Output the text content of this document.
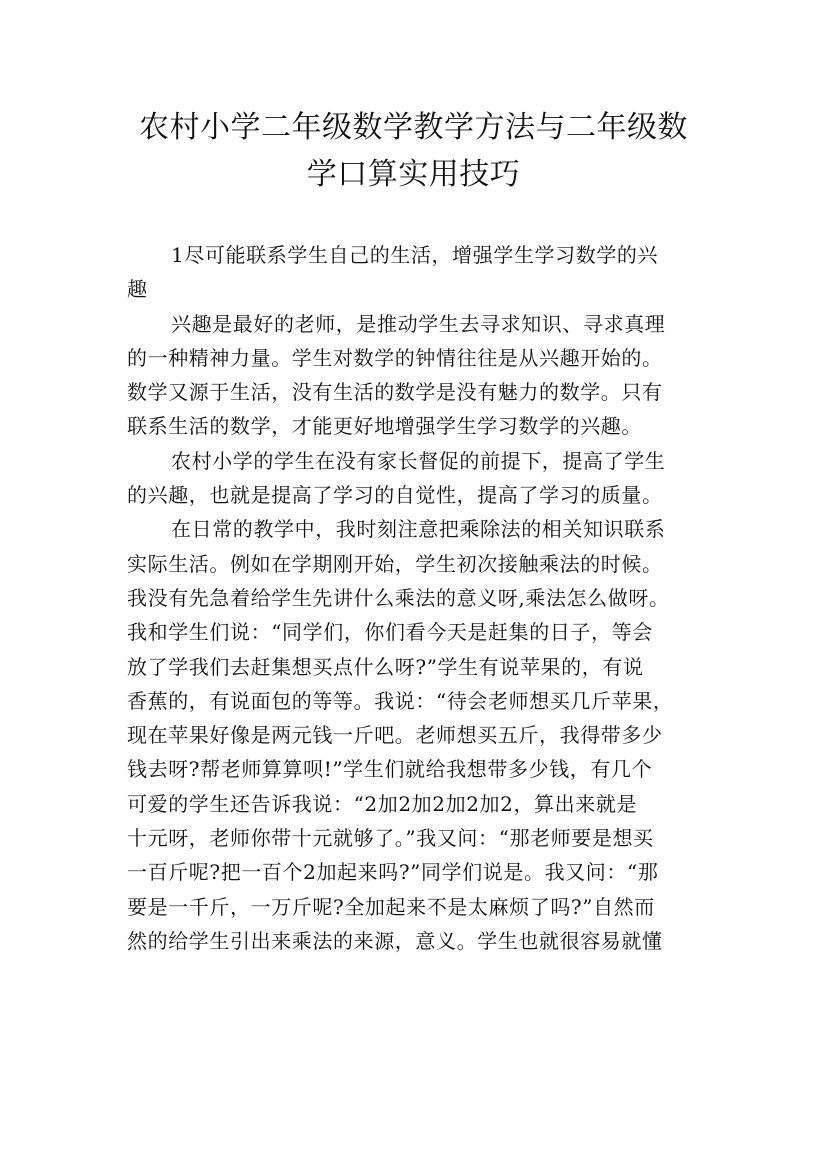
农村小学二年级数学教学方法与二年级数
学口算实用技巧
1尽可能联系学生自己的生活，增强学生学习数学的兴
趣
兴趣是最好的老师，是推动学生去寻求知识、寻求真理
的一种精神力量。学生对数学的钟情往往是从兴趣开始的。
数学又源于生活，没有生活的数学是没有魅力的数学。只有
联系生活的数学，才能更好地增强学生学习数学的兴趣。
农村小学的学生在没有家长督促的前提下，提高了学生
的兴趣，也就是提高了学习的自觉性，提高了学习的质量。
在日常的教学中，我时刻注意把乘除法的相关知识联系
实际生活。例如在学期刚开始，学生初次接触乘法的时候。
我没有先急着给学生先讲什么乘法的意义呀,乘法怎么做呀。
我和学生们说：“同学们，你们看今天是赶集的日子，等会
放了学我们去赶集想买点什么呀?”学生有说苹果的，有说
香蕉的，有说面包的等等。我说：“待会老师想买几斤苹果，
现在苹果好像是两元钱一斤吧。老师想买五斤，我得带多少
钱去呀?帮老师算算呗!”学生们就给我想带多少钱，有几个
可爱的学生还告诉我说：“2加2加2加2加2，算出来就是
十元呀，老师你带十元就够了。”我又问：“那老师要是想买
一百斤呢?把一百个2加起来吗?”同学们说是。我又问：“那
要是一千斤，一万斤呢?全加起来不是太麻烦了吗?”自然而
然的给学生引出来乘法的来源，意义。学生也就很容易就懂
